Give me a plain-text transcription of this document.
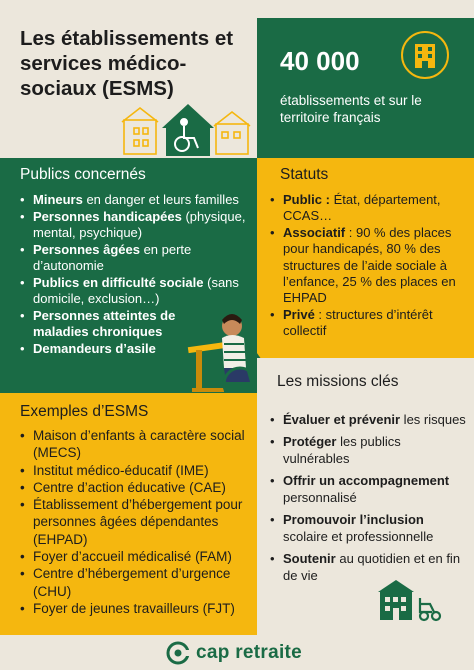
Les établissements et services médico-sociaux (ESMS)
40 000
établissements et sur le territoire français
Publics concernés
• Mineurs en danger et leurs familles
• Personnes handicapées (physique, mental, psychique)
• Personnes âgées en perte d’autonomie
• Publics en difficulté sociale (sans domicile, exclusion…)
• Personnes atteintes de maladies chroniques
• Demandeurs d’asile
Statuts
• Public : État, département, CCAS…
• Associatif : 90 % des places pour handicapés, 80 % des structures de l’aide sociale à l’enfance, 25 % des places en EHPAD
• Privé : structures d’intérêt collectif
Exemples d’ESMS
• Maison d’enfants à caractère social (MECS)
• Institut médico-éducatif (IME)
• Centre d’action éducative (CAE)
• Établissement d’hébergement pour personnes âgées dépendantes (EHPAD)
• Foyer d’accueil médicalisé (FAM)
• Centre d’hébergement d’urgence (CHU)
• Foyer de jeunes travailleurs (FJT)
Les missions clés
• Évaluer et prévenir les risques
• Protéger les publics vulnérables
• Offrir un accompagnement personnalisé
• Promouvoir l’inclusion scolaire et professionnelle
• Soutenir au quotidien et en fin de vie
cap retraite
